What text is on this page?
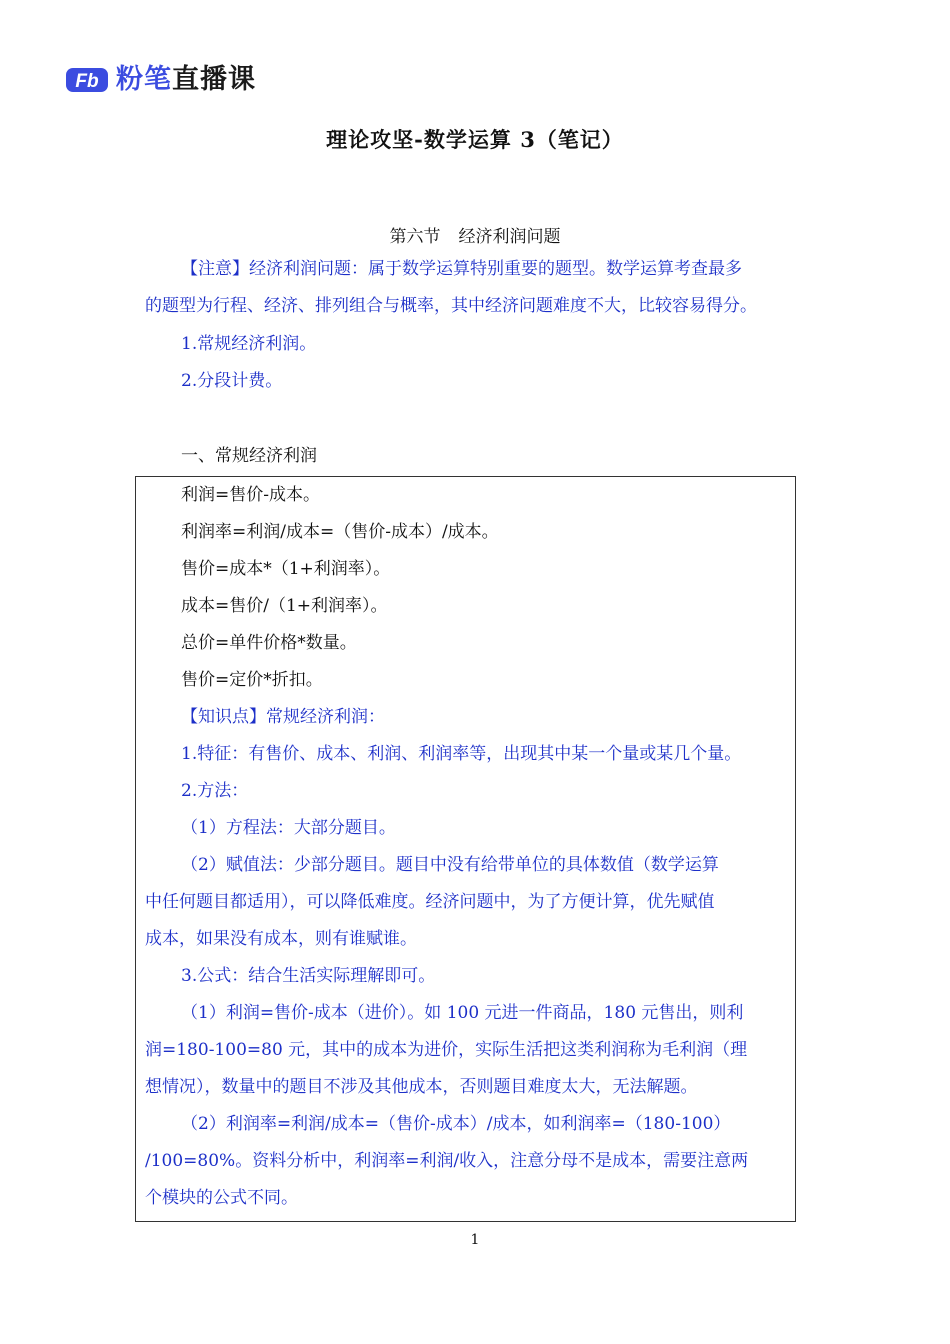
Fb 粉笔直播课
理论攻坚-数学运算 3（笔记）
第六节 经济利润问题
【注意】经济利润问题：属于数学运算特别重要的题型。数学运算考查最多
的题型为行程、经济、排列组合与概率，其中经济问题难度不大，比较容易得分。
1.常规经济利润。
2.分段计费。
一、常规经济利润
利润=售价-成本。
利润率=利润/成本=（售价-成本）/成本。
售价=成本*（1+利润率）。
成本=售价/（1+利润率）。
总价=单件价格*数量。
售价=定价*折扣。
【知识点】常规经济利润：
1.特征：有售价、成本、利润、利润率等，出现其中某一个量或某几个量。
2.方法：
（1）方程法：大部分题目。
（2）赋值法：少部分题目。题目中没有给带单位的具体数值（数学运算
中任何题目都适用），可以降低难度。经济问题中，为了方便计算，优先赋值
成本，如果没有成本，则有谁赋谁。
3.公式：结合生活实际理解即可。
（1）利润=售价-成本（进价）。如 100 元进一件商品，180 元售出，则利
润=180-100=80 元，其中的成本为进价，实际生活把这类利润称为毛利润（理
想情况），数量中的题目不涉及其他成本，否则题目难度太大，无法解题。
（2）利润率=利润/成本=（售价-成本）/成本，如利润率=（180-100）
/100=80%。资料分析中，利润率=利润/收入，注意分母不是成本，需要注意两
个模块的公式不同。
1
